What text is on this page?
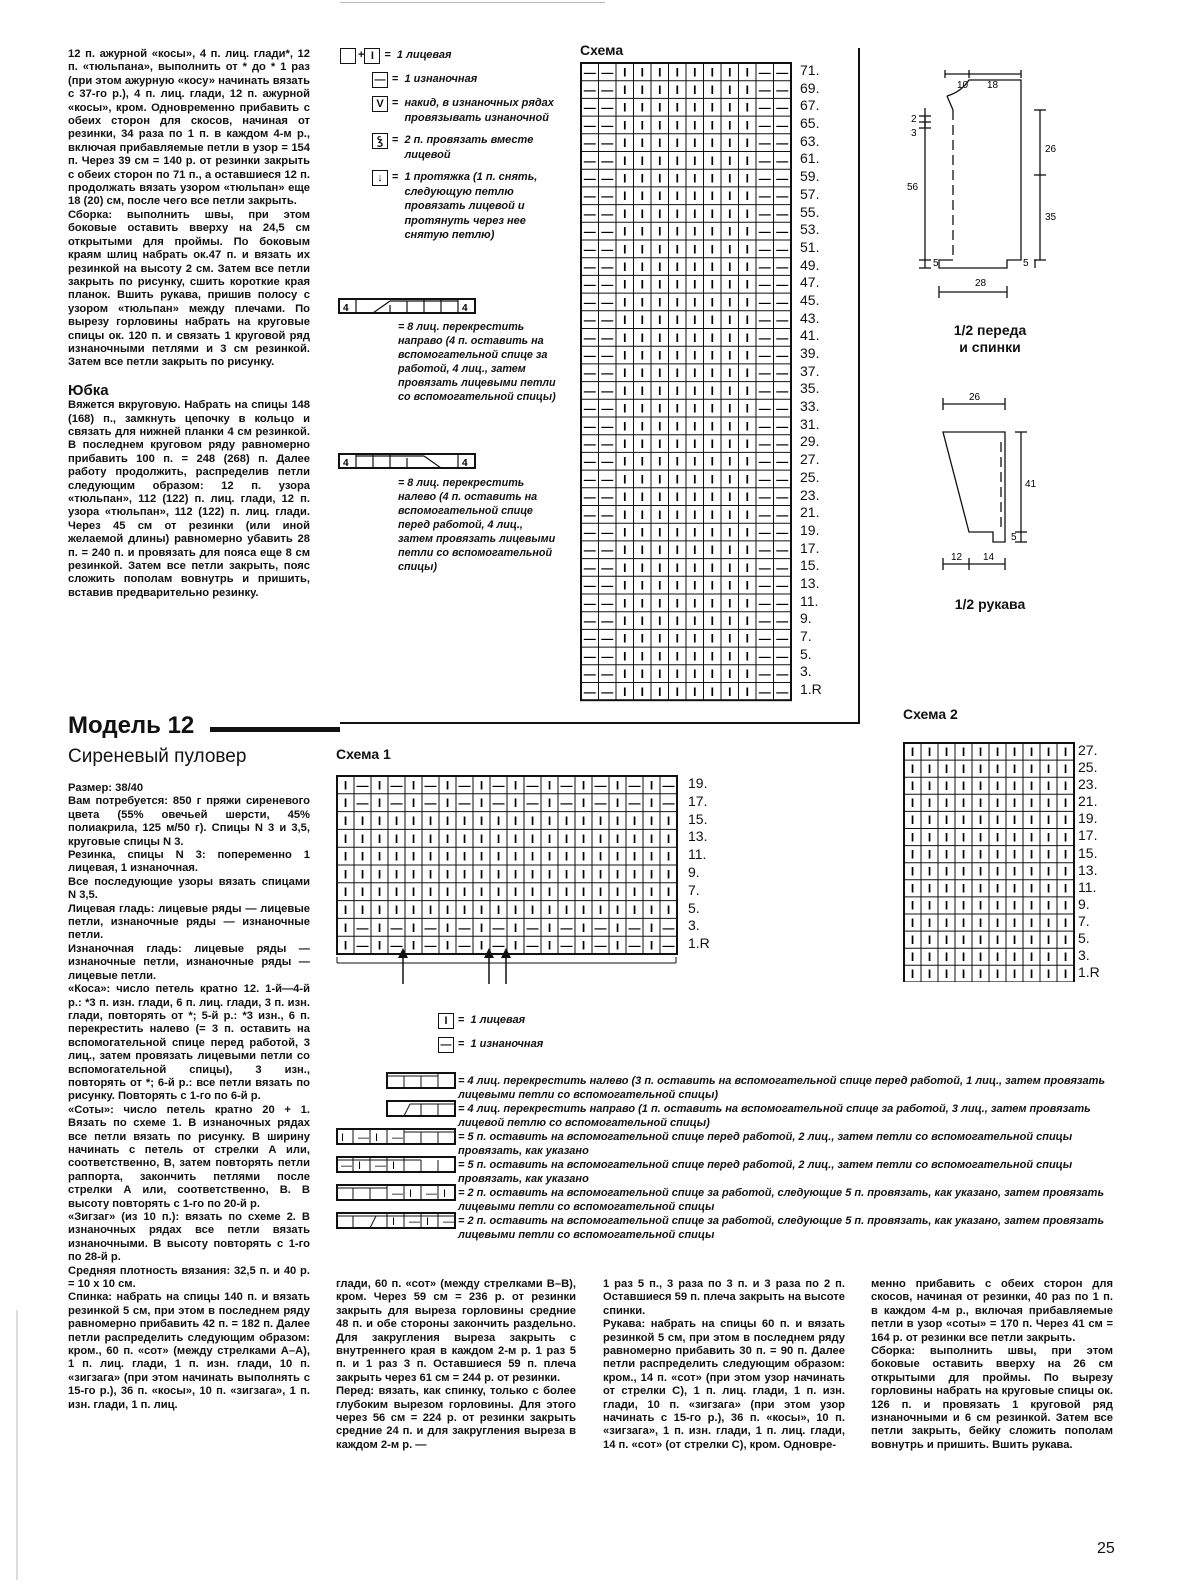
12 п. ажурной «косы», 4 п. лиц. глади*, 12 п. «тюльпана», выполнить от * до * 1 раз (при этом ажурную «косу» начинать вязать с 37-го р.), 4 п. лиц. глади, 12 п. ажурной «косы», кром. Одновременно прибавить с обеих сторон для скосов, начиная от резинки, 34 раза по 1 п. в каждом 4-м р., включая прибавляемые петли в узор = 154 п. Через 39 см = 140 р. от резинки закрыть с обеих сторон по 71 п., а оставшиеся 12 п. продолжать вязать узором «тюльпан» еще 18 (20) см, после чего все петли закрыть.

Сборка: выполнить швы, при этом боковые оставить вверху на 24,5 см открытыми для проймы. По боковым краям шлиц набрать ок.47 п. и вязать их резинкой на высоту 2 см. Затем все петли закрыть по рисунку, сшить короткие края планок. Вшить рукава, пришив полосу с узором «тюльпан» между плечами. По вырезу горловины набрать на круговые спицы ок. 120 п. и связать 1 круговой ряд изнаночными петлями и 3 см резинкой. Затем все петли закрыть по рисунку.

Юбка

Вяжется вкруговую. Набрать на спицы 148 (168) п., замкнуть цепочку в кольцо и связать для нижней планки 4 см резинкой. В последнем круговом ряду равномерно прибавить 100 п. = 248 (268) п. Далее работу продолжить, распределив петли следующим образом: 12 п. узора «тюльпан», 112 (122) п. лиц. глади, 12 п. узора «тюльпан», 112 (122) п. лиц. глади. Через 45 см от резинки (или иной желаемой длины) равномерно убавить 28 п. = 240 п. и провязать для пояса еще 8 см резинкой. Затем все петли закрыть, пояс сложить пополам вовнутрь и пришить, вставив предварительно резинку.

+ I = 1 лицевая
— = 1 изнаночная
V = накид, в изнаночных рядах провязывать изнаночной
ꝣ = 2 п. провязать вместе лицевой
↓ = 1 протяжка (1 п. снять, следующую петлю провязать лицевой и протянуть через нее снятую петлю)
4	4
= 8 лиц. перекрестить направо (4 п. оставить на вспомогательной спице за работой, 4 лиц., затем провязать лицевыми петли со вспомогательной спицы)
4	4
= 8 лиц. перекрестить налево (4 п. оставить на вспомогательной спице перед работой, 4 лиц., затем провязать лицевыми петли со вспомогательной спицы)
Схема
— — I I I I I I I I — —
— — I I I I I I I I — —
— — I I I I I I I I — —
— — I I I I I I I I — —
— — I I I I I I I I — —
— — I I I I I I I I — —
— — I I I I I I I I — —
— — I I I I I I I I — —
— — I I I I I I I I — —
— — I I I I I I I I — —
— — I I I I I I I I — —
— — I I I I I I I I — —
— — I I I I I I I I — —
— — I I I I I I I I — —
— — I I I I I I I I — —
— — I I I I I I I I — —
— — I I I I I I I I — —
— — I I I I I I I I — —
— — I I I I I I I I — —
— — I I I I I I I I — —
— — I I I I I I I I — —
— — I I I I I I I I — —
— — I I I I I I I I — —
— — I I I I I I I I — —
— — I I I I I I I I — —
— — I I I I I I I I — —
— — I I I I I I I I — —
— — I I I I I I I I — —
— — I I I I I I I I — —
— — I I I I I I I I — —
— — I I I I I I I I — —
— — I I I I I I I I — —
— — I I I I I I I I — —
— — I I I I I I I I — —
— — I I I I I I I I — —
— — I I I I I I I I — —
71.
69.
67.
65.
63.
61.
59.
57.
55.
53.
51.
49.
47.
45.
43.
41.
39.
37.
35.
33.
31.
29.
27.
25.
23.
21.
19.
17.
15.
13.
11.
9.
7.
5.
3.
1.R
10 18
2
3
56
26
35
5	5
28
1/2 переда
и спинки
26
41
5
12 14
1/2 рукава
Модель 12
Сиреневый пуловер

Размер: 38/40

Вам потребуется: 850 г пряжи сиреневого цвета (55% овечьей шерсти, 45% полиакрила, 125 м/50 г). Спицы N 3 и 3,5, круговые спицы N 3.

Резинка, спицы N 3: попеременно 1 лицевая, 1 изнаночная.

Все последующие узоры вязать спицами N 3,5.

Лицевая гладь: лицевые ряды — лицевые петли, изнаночные ряды — изнаночные петли.

Изнаночная гладь: лицевые ряды — изнаночные петли, изнаночные ряды — лицевые петли.

«Коса»: число петель кратно 12. 1-й—4-й р.: *3 п. изн. глади, 6 п. лиц. глади, 3 п. изн. глади, повторять от *; 5-й р.: *3 изн., 6 п. перекрестить налево (= 3 п. оставить на вспомогательной спице перед работой, 3 лиц., затем провязать лицевыми петли со вспомогательной спицы), 3 изн., повторять от *; 6-й р.: все петли вязать по рисунку. Повторять с 1-го по 6-й р.

«Соты»: число петель кратно 20 + 1. Вязать по схеме 1. В изнаночных рядах все петли вязать по рисунку. В ширину начинать с петель от стрелки А или, соответственно, В, затем повторять петли раппорта, закончить петлями после стрелки А или, соответственно, В. В высоту повторять с 1-го по 20-й р.

«Зигзаг» (из 10 п.): вязать по схеме 2. В изнаночных рядах все петли вязать изнаночными. В высоту повторять с 1-го по 28-й р.

Средняя плотность вязания: 32,5 п. и 40 р. = 10 х 10 см.

Спинка: набрать на спицы 140 п. и вязать резинкой 5 см, при этом в последнем ряду равномерно прибавить 42 п. = 182 п. Далее петли распределить следующим образом: кром., 60 п. «сот» (между стрелками А–А), 1 п. лиц. глади, 1 п. изн. глади, 10 п. «зигзага» (при этом начинать выполнять с 15-го р.), 36 п. «косы», 10 п. «зигзага», 1 п. изн. глади, 1 п. лиц.

Схема 1
I — I — I — I — I — I — I — I — I — I —
I — I — I — I — I — I — I — I — I — I —
I I I I I I I I I I I I I I I I I I I I
I I I I I I I I I I I I I I I I I I I I
I I I I I I I I I I I I I I I I I I I I
I I I I I I I I I I I I I I I I I I I I
I I I I I I I I I I I I I I I I I I I I
I I I I I I I I I I I I I I I I I I I I
I — I — I — I — I — I — I — I — I — I —
I — I — I — I — I — I — I — I — I — I —
19.
17.
15.
13.
11.
9.
7.
5.
3.
1.R
Схема 2
I I I I I I I I I I
I I I I I I I I I I
I I I I I I I I I I
I I I I I I I I I I
I I I I I I I I I I
I I I I I I I I I I
I I I I I I I I I I
I I I I I I I I I I
I I I I I I I I I I
I I I I I I I I I I
I I I I I I I I I I
I I I I I I I I I I
I I I I I I I I I I
I I I I I I I I I I
27.
25.
23.
21.
19.
17.
15.
13.
11.
9.
7.
5.
3.
1.R
I = 1 лицевая
— = 1 изнаночная
= 4 лиц. перекрестить налево (3 п. оставить на вспомогательной спице перед работой, 1 лиц., затем провязать лицевыми петли со вспомогательной спицы)
= 4 лиц. перекрестить направо (1 п. оставить на вспомогательной спице за работой, 3 лиц., затем провязать лицевой петлю со вспомогательной спицы)
I — I —	= 5 п. оставить на вспомогательной спице перед работой, 2 лиц., затем петли со вспомогательной спицы провязать, как указано
— I — I	= 5 п. оставить на вспомогательной спице перед работой, 2 лиц., затем петли со вспомогательной спицы провязать, как указано
— I — I = 2 п. оставить на вспомогательной спице за работой, следующие 5 п. провязать, как указано, затем провязать лицевыми петли со вспомогательной спицы
I — I — = 2 п. оставить на вспомогательной спице за работой, следующие 5 п. провязать, как указано, затем провязать лицевыми петли со вспомогательной спицы

глади, 60 п. «сот» (между стрелками В–В), кром. Через 59 см = 236 р. от резинки закрыть для выреза горловины средние 48 п. и обе стороны закончить раздельно. Для закругления выреза закрыть с внутреннего края в каждом 2-м р. 1 раз 5 п. и 1 раз 3 п. Оставшиеся 59 п. плеча закрыть через 61 см = 244 р. от резинки.

Перед: вязать, как спинку, только с более глубоким вырезом горловины. Для этого через 56 см = 224 р. от резинки закрыть средние 24 п. и для закругления выреза в каждом 2-м р. —

1 раз 5 п., 3 раза по 3 п. и 3 раза по 2 п. Оставшиеся 59 п. плеча закрыть на высоте спинки.

Рукава: набрать на спицы 60 п. и вязать резинкой 5 см, при этом в последнем ряду равномерно прибавить 30 п. = 90 п. Далее петли распределить следующим образом: кром., 14 п. «сот» (при этом узор начинать от стрелки С), 1 п. лиц. глади, 1 п. изн. глади, 10 п. «зигзага» (при этом узор начинать с 15-го р.), 36 п. «косы», 10 п. «зигзага», 1 п. изн. глади, 1 п. лиц. глади, 14 п. «сот» (от стрелки С), кром. Одновре-

менно прибавить с обеих сторон для скосов, начиная от резинки, 40 раз по 1 п. в каждом 4-м р., включая прибавляемые петли в узор «соты» = 170 п. Через 41 см = 164 р. от резинки все петли закрыть.

Сборка: выполнить швы, при этом боковые оставить вверху на 26 см открытыми для проймы. По вырезу горловины набрать на круговые спицы ок. 126 п. и провязать 1 круговой ряд изнаночными и 6 см резинкой. Затем все петли закрыть, бейку сложить пополам вовнутрь и пришить. Вшить рукава.

25
